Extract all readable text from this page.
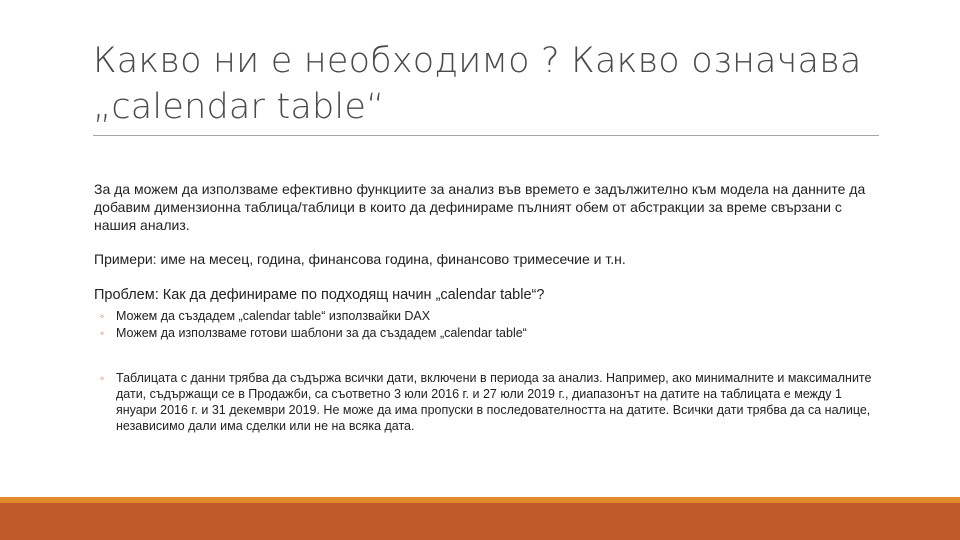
Какво ни е необходимо ? Какво означава „calendar table“

За да можем да използваме ефективно функциите за анализ във времето е задължително към модела на данните да добавим димензионна таблица/таблици в които да дефинираме пълният обем от абстракции за време свързани с нашия анализ.

Примери: име на месец, година, финансова година, финансово тримесечие и т.н.

Проблем: Как да дефинираме по подходящ начин „calendar table“?

◦ Можем да създадем „calendar table“ използвайки DAX
◦ Можем да използваме готови шаблони за да създадем „calendar table“
◦ Таблицата с данни трябва да съдържа всички дати, включени в периода за анализ. Например, ако минималните и максималните дати, съдържащи се в Продажби, са съответно 3 юли 2016 г. и 27 юли 2019 г., диапазонът на датите на таблицата е между 1 януари 2016 г. и 31 декември 2019. Не може да има пропуски в последователността на датите. Всички дати трябва да са налице, независимо дали има сделки или не на всяка дата.
